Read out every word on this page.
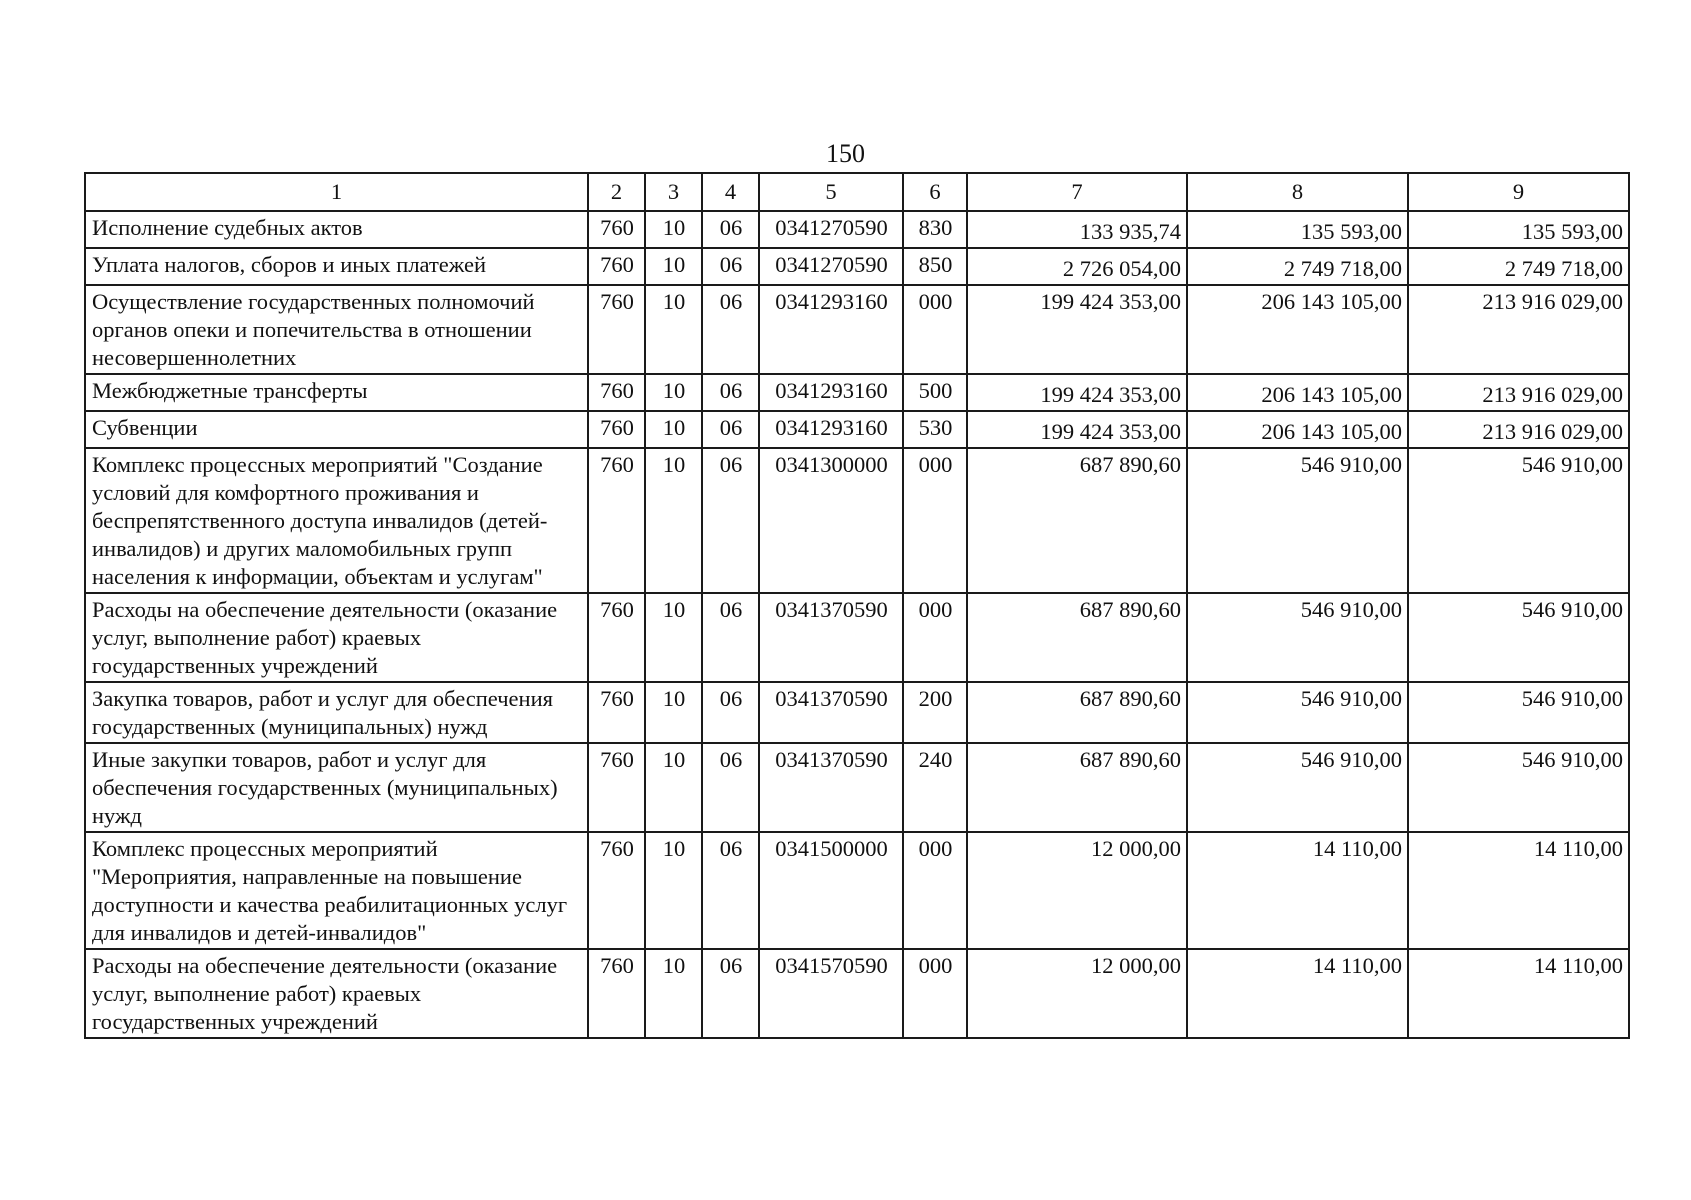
150
1	2	3	4	5	6	7	8	9
Исполнение судебных актов	760	10	06	0341270590	830	133 935,74	135 593,00	135 593,00
Уплата налогов, сборов и иных платежей	760	10	06	0341270590	850	2 726 054,00	2 749 718,00	2 749 718,00
Осуществление государственных полномочий органов опеки и попечительства в отношении несовершеннолетних	760	10	06	0341293160	000	199 424 353,00	206 143 105,00	213 916 029,00
Межбюджетные трансферты	760	10	06	0341293160	500	199 424 353,00	206 143 105,00	213 916 029,00
Субвенции	760	10	06	0341293160	530	199 424 353,00	206 143 105,00	213 916 029,00
Комплекс процессных мероприятий "Создание условий для комфортного проживания и беспрепятственного доступа инвалидов (детей-инвалидов) и других маломобильных групп населения к информации, объектам и услугам"	760	10	06	0341300000	000	687 890,60	546 910,00	546 910,00
Расходы на обеспечение деятельности (оказание услуг, выполнение работ) краевых государственных учреждений	760	10	06	0341370590	000	687 890,60	546 910,00	546 910,00
Закупка товаров, работ и услуг для обеспечения государственных (муниципальных) нужд	760	10	06	0341370590	200	687 890,60	546 910,00	546 910,00
Иные закупки товаров, работ и услуг для обеспечения государственных (муниципальных) нужд	760	10	06	0341370590	240	687 890,60	546 910,00	546 910,00
Комплекс процессных мероприятий "Мероприятия, направленные на повышение доступности и качества реабилитационных услуг для инвалидов и детей-инвалидов"	760	10	06	0341500000	000	12 000,00	14 110,00	14 110,00
Расходы на обеспечение деятельности (оказание услуг, выполнение работ) краевых государственных учреждений	760	10	06	0341570590	000	12 000,00	14 110,00	14 110,00
